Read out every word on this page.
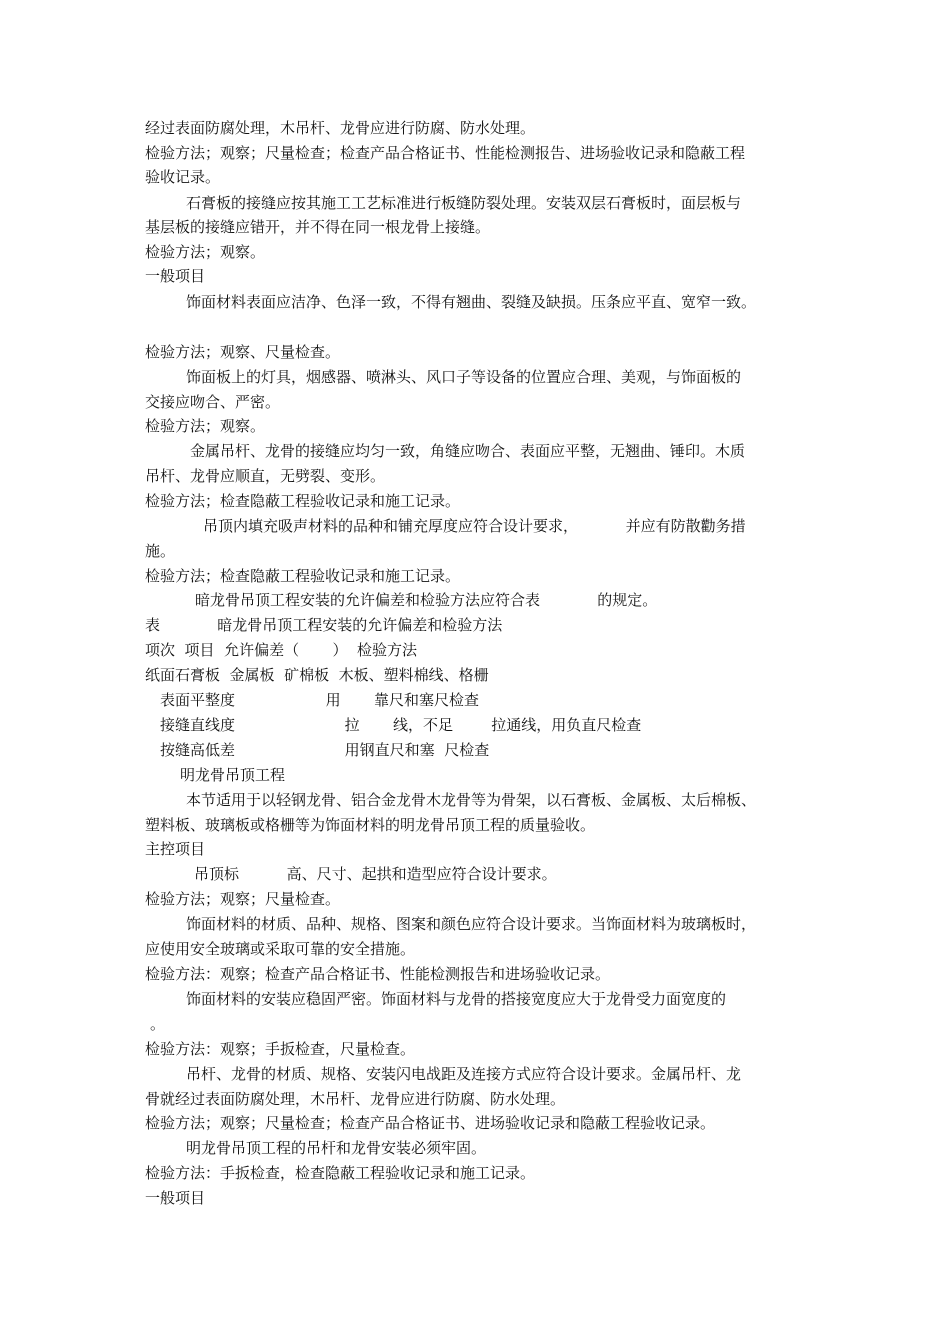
经过表面防腐处理，木吊杆、龙骨应进行防腐、防水处理。

检验方法；观察；尺量检查；检查产品合格证书、性能检测报告、进场验收记录和隐蔽工程

验收记录。

石膏板的接缝应按其施工工艺标准进行板缝防裂处理。安装双层石膏板时，面层板与

基层板的接缝应错开，并不得在同一根龙骨上接缝。

检验方法；观察。

一般项目

饰面材料表面应洁净、色泽一致，不得有翘曲、裂缝及缺损。压条应平直、宽窄一致。

检验方法；观察、尺量检查。

饰面板上的灯具，烟感器、喷淋头、风口子等设备的位置应合理、美观，与饰面板的

交接应吻合、严密。

检验方法；观察。

金属吊杆、龙骨的接缝应均匀一致，角缝应吻合、表面应平整，无翘曲、锤印。木质

吊杆、龙骨应顺直，无劈裂、变形。

检验方法；检查隐蔽工程验收记录和施工记录。

吊顶内填充吸声材料的品种和铺充厚度应符合设计要求，          并应有防散勸务措

施。

检验方法；检查隐蔽工程验收记录和施工记录。

暗龙骨吊顶工程安装的允许偏差和检验方法应符合表            的规定。

表            暗龙骨吊顶工程安装的允许偏差和检验方法

项次  项目  允许偏差（       ）  检验方法

纸面石膏板  金属板  矿棉板  木板、塑料棉线、格栅

表面平整度                   用       靠尺和塞尺检查

接缝直线度                       拉       线，不足        拉通线，用负直尺检查

按缝高低差                       用钢直尺和塞  尺检查

明龙骨吊顶工程

本节适用于以轻钢龙骨、铝合金龙骨木龙骨等为骨架，以石膏板、金属板、太后棉板、

塑料板、玻璃板或格栅等为饰面材料的明龙骨吊顶工程的质量验收。

主控项目

吊顶标          高、尺寸、起拱和造型应符合设计要求。

检验方法；观察；尺量检查。

饰面材料的材质、品种、规格、图案和颜色应符合设计要求。当饰面材料为玻璃板时，

应使用安全玻璃或采取可靠的安全措施。

检验方法：观察；检查产品合格证书、性能检测报告和进场验收记录。

饰面材料的安装应稳固严密。饰面材料与龙骨的搭接宽度应大于龙骨受力面宽度的

。

检验方法：观察；手扳检查，尺量检查。

吊杆、龙骨的材质、规格、安装闪电战距及连接方式应符合设计要求。金属吊杆、龙

骨就经过表面防腐处理，木吊杆、龙骨应进行防腐、防水处理。

检验方法；观察；尺量检查；检查产品合格证书、进场验收记录和隐蔽工程验收记录。

明龙骨吊顶工程的吊杆和龙骨安装必须牢固。

检验方法：手扳检查，检查隐蔽工程验收记录和施工记录。

一般项目
